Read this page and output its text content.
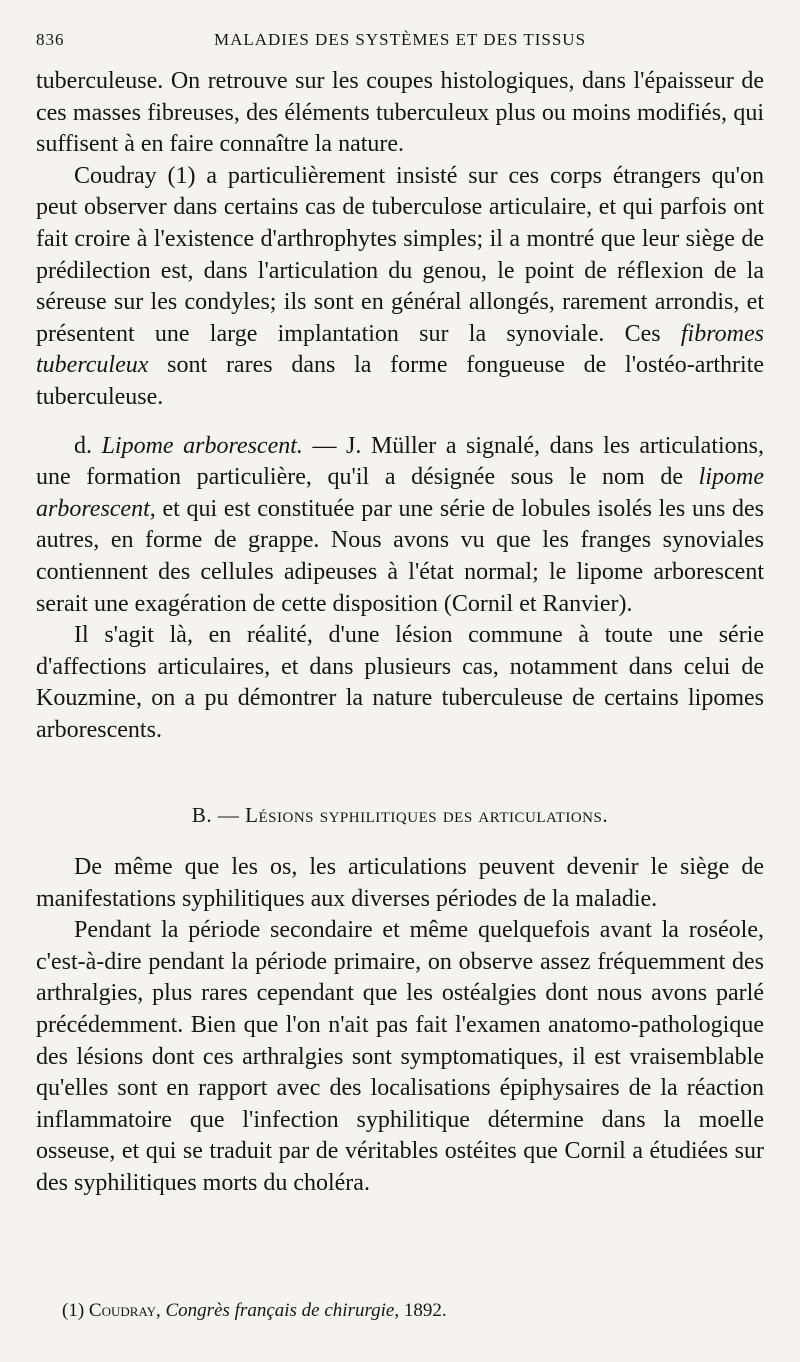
836	MALADIES DES SYSTÈMES ET DES TISSUS

tuberculeuse. On retrouve sur les coupes histologiques, dans l'épaisseur de ces masses fibreuses, des éléments tuberculeux plus ou moins modifiés, qui suffisent à en faire connaître la nature.

Coudray (1) a particulièrement insisté sur ces corps étrangers qu'on peut observer dans certains cas de tuberculose articulaire, et qui parfois ont fait croire à l'existence d'arthrophytes simples; il a montré que leur siège de prédilection est, dans l'articulation du genou, le point de réflexion de la séreuse sur les condyles; ils sont en général allongés, rarement arrondis, et présentent une large implantation sur la synoviale. Ces fibromes tuberculeux sont rares dans la forme fongueuse de l'ostéo-arthrite tuberculeuse.

d. Lipome arborescent. — J. Müller a signalé, dans les articulations, une formation particulière, qu'il a désignée sous le nom de lipome arborescent, et qui est constituée par une série de lobules isolés les uns des autres, en forme de grappe. Nous avons vu que les franges synoviales contiennent des cellules adipeuses à l'état normal; le lipome arborescent serait une exagération de cette disposition (Cornil et Ranvier).

Il s'agit là, en réalité, d'une lésion commune à toute une série d'affections articulaires, et dans plusieurs cas, notamment dans celui de Kouzmine, on a pu démontrer la nature tuberculeuse de certains lipomes arborescents.

B. — Lésions syphilitiques des articulations.

De même que les os, les articulations peuvent devenir le siège de manifestations syphilitiques aux diverses périodes de la maladie.

Pendant la période secondaire et même quelquefois avant la roséole, c'est-à-dire pendant la période primaire, on observe assez fréquemment des arthralgies, plus rares cependant que les ostéalgies dont nous avons parlé précédemment. Bien que l'on n'ait pas fait l'examen anatomo-pathologique des lésions dont ces arthralgies sont symptomatiques, il est vraisemblable qu'elles sont en rapport avec des localisations épiphysaires de la réaction inflammatoire que l'infection syphilitique détermine dans la moelle osseuse, et qui se traduit par de véritables ostéites que Cornil a étudiées sur des syphilitiques morts du choléra.

(1) Coudray, Congrès français de chirurgie, 1892.
